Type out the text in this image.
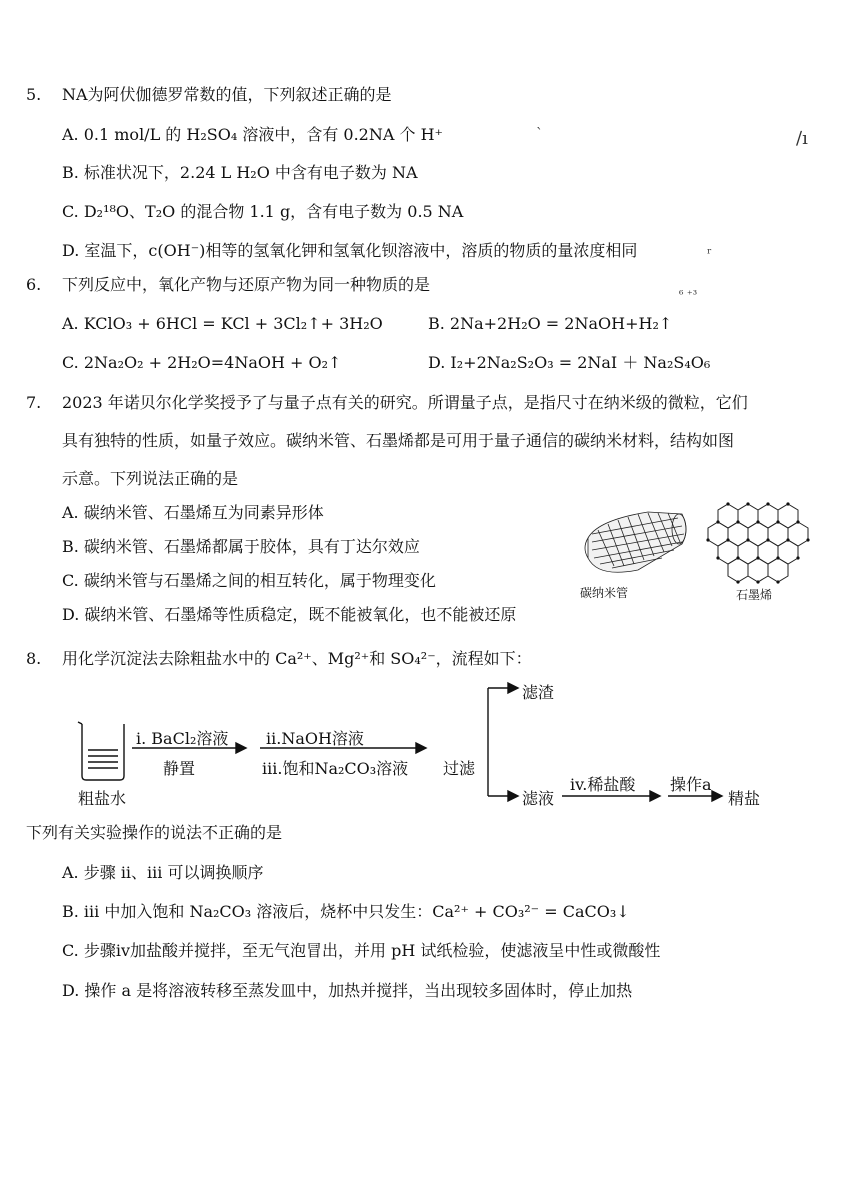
5. NA为阿伏伽德罗常数的值，下列叙述正确的是
A. 0.1 mol/L 的 H₂SO₄ 溶液中，含有 0.2NA 个 H⁺
B. 标准状况下，2.24 L H₂O 中含有电子数为 NA
C. D₂¹⁸O、T₂O 的混合物 1.1 g，含有电子数为 0.5 NA
D. 室温下，c(OH⁻)相等的氢氧化钾和氢氧化钡溶液中，溶质的物质的量浓度相同
ˋ	∕ı
ʳ
6. 下列反应中，氧化产物与还原产物为同一种物质的是
A. KClO₃ + 6HCl = KCl + 3Cl₂↑+ 3H₂O	B. 2Na+2H₂O = 2NaOH+H₂↑
C. 2Na₂O₂ + 2H₂O=4NaOH + O₂↑	D. I₂+2Na₂S₂O₃ = 2NaI ＋ Na₂S₄O₆
⁶ ⁺³
7. 2023 年诺贝尔化学奖授予了与量子点有关的研究。所谓量子点，是指尺寸在纳米级的微粒，它们
具有独特的性质，如量子效应。碳纳米管、石墨烯都是可用于量子通信的碳纳米材料，结构如图
示意。下列说法正确的是
A. 碳纳米管、石墨烯互为同素异形体
B. 碳纳米管、石墨烯都属于胶体，具有丁达尔效应
C. 碳纳米管与石墨烯之间的相互转化，属于物理变化
D. 碳纳米管、石墨烯等性质稳定，既不能被氧化，也不能被还原
碳纳米管	石墨烯
8. 用化学沉淀法去除粗盐水中的 Ca²⁺、Mg²⁺和 SO₄²⁻，流程如下：
粗盐水
i. BaCl₂溶液
静置
ii.NaOH溶液
iii.饱和Na₂CO₃溶液 过滤
滤渣
滤液
iv.稀盐酸 操作a
精盐
下列有关实验操作的说法不正确的是
A. 步骤 ii、iii 可以调换顺序
B. iii 中加入饱和 Na₂CO₃ 溶液后，烧杯中只发生：Ca²⁺ + CO₃²⁻ = CaCO₃↓
C. 步骤iv加盐酸并搅拌，至无气泡冒出，并用 pH 试纸检验，使滤液呈中性或微酸性
D. 操作 a 是将溶液转移至蒸发皿中，加热并搅拌，当出现较多固体时，停止加热
